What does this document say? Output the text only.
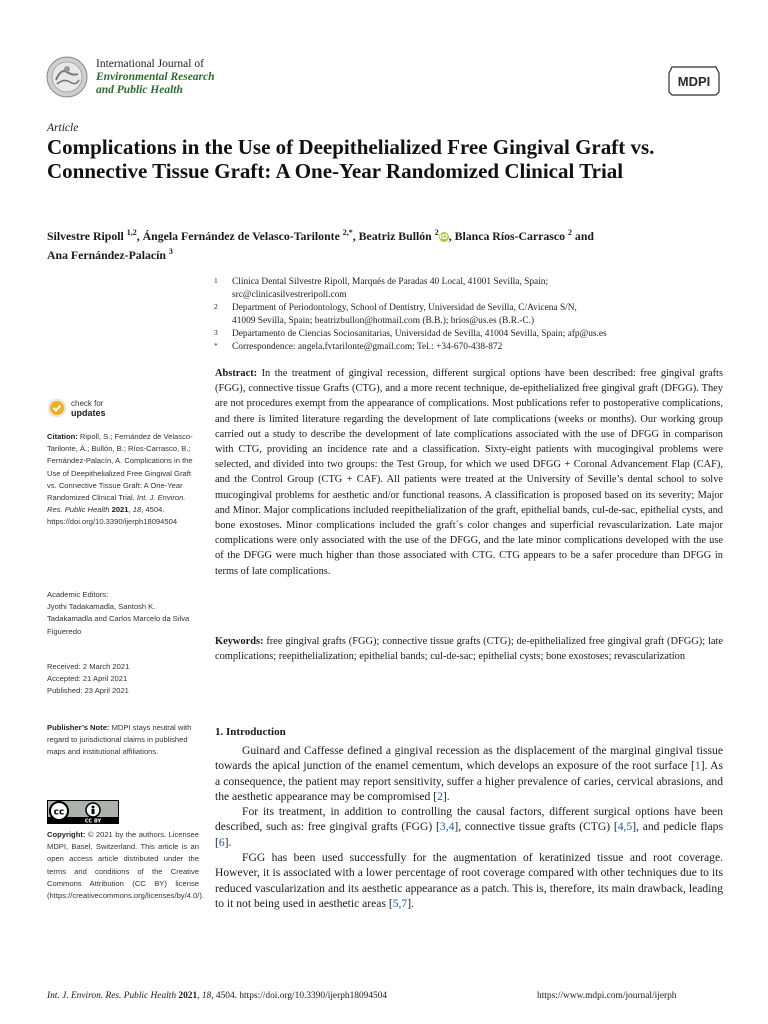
International Journal of
Environmental Research
and Public Health
MDPI
Article
Complications in the Use of Deepithelialized Free Gingival Graft vs. Connective Tissue Graft: A One-Year Randomized Clinical Trial
Silvestre Ripoll $^{1,2}$, Ángela Fernández de Velasco-Tarilonte $^{2,*}$, Beatriz Bullón $^2$iD, Blanca Ríos-Carrasco $^2$ and
Ana Fernández-Palacín $^3$
1 Clínica Dental Silvestre Ripoll, Marqués de Paradas 40 Local, 41001 Sevilla, Spain;
src@clinicasilvestreripoll.com
2 Department of Periodontology, School of Dentistry, Universidad de Sevilla, C/Avicena S/N,
41009 Sevilla, Spain; beatrizbullon@hotmail.com (B.B.); brios@us.es (B.R.-C.)
3 Departamento de Ciencias Sociosanitarias, Universidad de Sevilla, 41004 Sevilla, Spain; afp@us.es
* Correspondence: angela.fvtarilonte@gmail.com; Tel.: +34-670-438-872
Abstract: In the treatment of gingival recession, different surgical options have been described: free gingival grafts (FGG), connective tissue Grafts (CTG), and a more recent technique, de-epithelialized free gingival graft (DFGG). They are not procedures exempt from the appearance of complications. Most publications refer to postoperative complications, and there is limited literature regarding the development of late complications (weeks or months). Our working group carried out a study to describe the development of late complications associated with the use of DFGG in comparison with CTG, providing an incidence rate and a classification. Sixty-eight patients with mucogingival problems were selected, and divided into two groups: the Test Group, for which we used DFGG + Coronal Advancement Flap (CAF), and the Control Group (CTG + CAF). All patients were treated at the University of Seville’s dental school to solve mucogingival problems for aesthetic and/or functional reasons. A classification is proposed based on its severity; Major and Minor. Major complications included reepithelialization of the graft, epithelial bands, cul-de-sac, epithelial cysts, and bone exostoses. Minor complications included the graft´s color changes and superficial revascularization. Late major complications were only associated with the use of the DFGG, and the late minor complications developed with the use of the DFGG were much higher than those associated with CTG. CTG appears to be a safer procedure than DFGG in terms of late complications.
Keywords: free gingival grafts (FGG); connective tissue grafts (CTG); de-epithelialized free gingival graft (DFGG); late complications; reepithelialization; epithelial bands; cul-de-sac; epithelial cysts; bone exostoses; revascularization
1. Introduction

Guinard and Caffesse defined a gingival recession as the displacement of the marginal gingival tissue towards the apical junction of the enamel cementum, which develops an exposure of the root surface [1]. As a consequence, the patient may report sensitivity, suffer a higher prevalence of caries, cervical abrasions, and the aesthetic appearance may be compromised [2].

For its treatment, in addition to controlling the causal factors, different surgical options have been described, such as: free gingival grafts (FGG) [3,4], connective tissue grafts (CTG) [4,5], and pedicle flaps [6].

FGG has been used successfully for the augmentation of keratinized tissue and root coverage. However, it is associated with a lower percentage of root coverage compared with other techniques due to its reduced vascularization and its aesthetic appearance as a patch. This is, therefore, its main drawback, leading to it not being used in aesthetic areas [5,7].

check for
updates
Citation: Ripoll, S.; Fernández de Velasco-Tarilonte, Á.; Bullón, B.; Ríos-Carrasco, B.; Fernández-Palacín, A. Complications in the Use of Deepithelialized Free Gingival Graft vs. Connective Tissue Graft: A One-Year Randomized Clinical Trial. Int. J. Environ. Res. Public Health 2021, 18, 4504. https://doi.org/10.3390/ijerph18094504
Academic Editors:
Jyothi Tadakamadla, Santosh K. Tadakamadla and Carlos Marcelo da Silva Figueredo
Received: 2 March 2021
Accepted: 21 April 2021
Published: 23 April 2021
Publisher’s Note: MDPI stays neutral with regard to jurisdictional claims in published maps and institutional affiliations.
cc
CC BY
Copyright: © 2021 by the authors. Licensee MDPI, Basel, Switzerland. This article is an open access article distributed under the terms and conditions of the Creative Commons Attribution (CC BY) license (https://creativecommons.org/licenses/by/4.0/).
Int. J. Environ. Res. Public Health 2021, 18, 4504. https://doi.org/10.3390/ijerph18094504	https://www.mdpi.com/journal/ijerph
